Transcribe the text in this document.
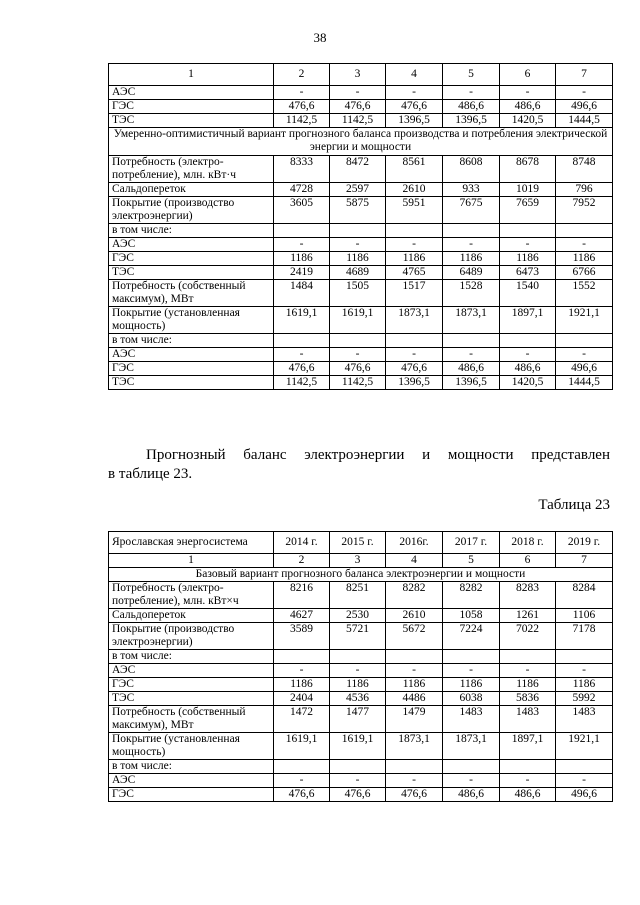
38
1	2	3	4	5	6	7
АЭС	-	-	-	-	-	-
ГЭС	476,6	476,6	476,6	486,6	486,6	496,6
ТЭС	1142,5	1142,5	1396,5	1396,5	1420,5	1444,5
Умеренно-оптимистичный вариант прогнозного баланса производства и потребления электрической энергии и мощности						
Потребность (электро-потребление), млн. кВт·ч	8333	8472	8561	8608	8678	8748
Сальдопереток	4728	2597	2610	933	1019	796
Покрытие (производство электроэнергии)	3605	5875	5951	7675	7659	7952
в том числе:						
АЭС	-	-	-	-	-	-
ГЭС	1186	1186	1186	1186	1186	1186
ТЭС	2419	4689	4765	6489	6473	6766
Потребность (собственный максимум), МВт	1484	1505	1517	1528	1540	1552
Покрытие (установленная мощность)	1619,1	1619,1	1873,1	1873,1	1897,1	1921,1
в том числе:						
АЭС	-	-	-	-	-	-
ГЭС	476,6	476,6	476,6	486,6	486,6	496,6
ТЭС	1142,5	1142,5	1396,5	1396,5	1420,5	1444,5
Прогнозный баланс электроэнергии и мощности представлен
в таблице 23.
Таблица 23
Ярославская энергосистема	2014 г.	2015 г.	2016г.	2017 г.	2018 г.	2019 г.
1	2	3	4	5	6	7
Базовый вариант прогнозного баланса электроэнергии и мощности						
Потребность (электро-потребление), млн. кВт×ч	8216	8251	8282	8282	8283	8284
Сальдопереток	4627	2530	2610	1058	1261	1106
Покрытие (производство электроэнергии)	3589	5721	5672	7224	7022	7178
в том числе:						
АЭС	-	-	-	-	-	-
ГЭС	1186	1186	1186	1186	1186	1186
ТЭС	2404	4536	4486	6038	5836	5992
Потребность (собственный максимум), МВт	1472	1477	1479	1483	1483	1483
Покрытие (установленная мощность)	1619,1	1619,1	1873,1	1873,1	1897,1	1921,1
в том числе:						
АЭС	-	-	-	-	-	-
ГЭС	476,6	476,6	476,6	486,6	486,6	496,6
